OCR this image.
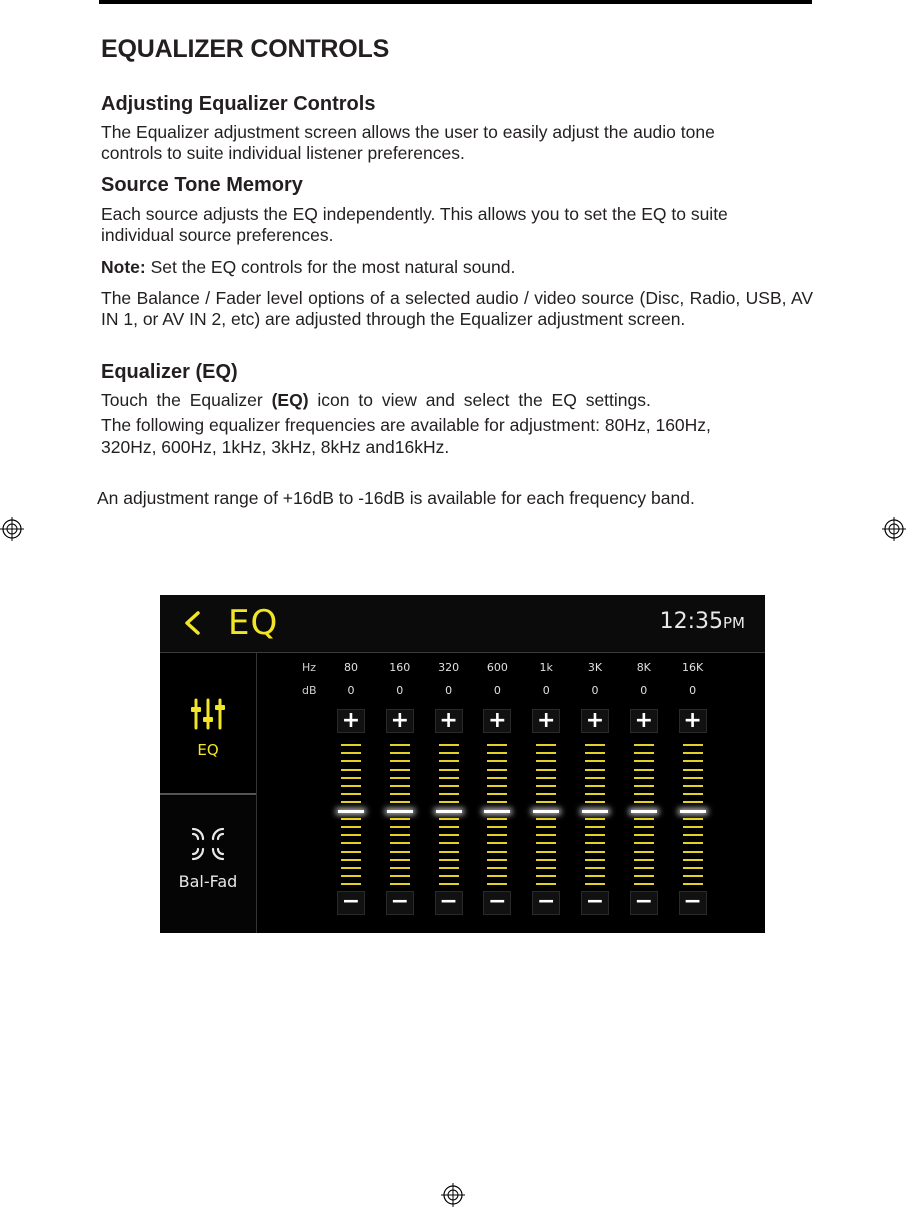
EQUALIZER CONTROLS
Adjusting Equalizer Controls
The Equalizer adjustment screen allows the user to easily adjust the audio tone
controls to suite individual listener preferences.
Source Tone Memory
Each source adjusts the EQ independently. This allows you to set the EQ to suite
individual source preferences.
Note: Set the EQ controls for the most natural sound.
The Balance / Fader level options of a selected audio / video source (Disc, Radio, USB, AV IN 1, or AV IN 2, etc) are adjusted through the Equalizer adjustment screen.
Equalizer (EQ)
Touch the Equalizer (EQ) icon to view and select the EQ settings.
The following equalizer frequencies are available for adjustment: 80Hz, 160Hz,
320Hz, 600Hz, 1kHz, 3kHz, 8kHz and16kHz.
An adjustment range of +16dB to -16dB is available for each frequency band.
EQ	12:35PM
EQ
Bal-Fad
Hz
dB
80
0
+
−
160
0
+
−
320
0
+
−
600
0
+
−
1k
0
+
−
3K
0
+
−
8K
0
+
−
16K
0
+
−
